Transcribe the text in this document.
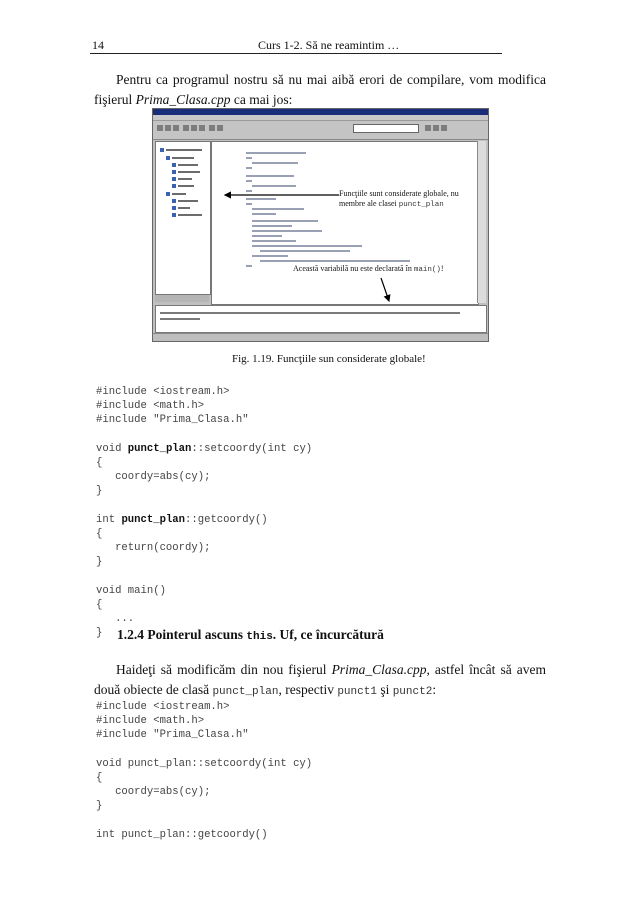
14	Curs 1-2. Să ne reamintim …
Pentru ca programul nostru să nu mai aibă erori de compilare, vom modifica fişierul Prima_Clasa.cpp ca mai jos:
Funcţiile sunt considerate globale, nu
membre ale clasei punct_plan
Această variabilă nu este declarată în main()!
Fig. 1.19. Funcţiile sun considerate globale!
#include <iostream.h>
#include <math.h>
#include "Prima_Clasa.h"

void punct_plan::setcoordy(int cy)
{
coordy=abs(cy);
}

int punct_plan::getcoordy()
{
return(coordy);
}

void main()
{
...
}	1.2.4 Pointerul ascuns this. Uf, ce încurcătură
Haideţi să modificăm din nou fişierul Prima_Clasa.cpp, astfel încât să avem două obiecte de clasă punct_plan, respectiv punct1 şi punct2:
#include <iostream.h>
#include <math.h>
#include "Prima_Clasa.h"

void punct_plan::setcoordy(int cy)
{
coordy=abs(cy);
}

int punct_plan::getcoordy()
